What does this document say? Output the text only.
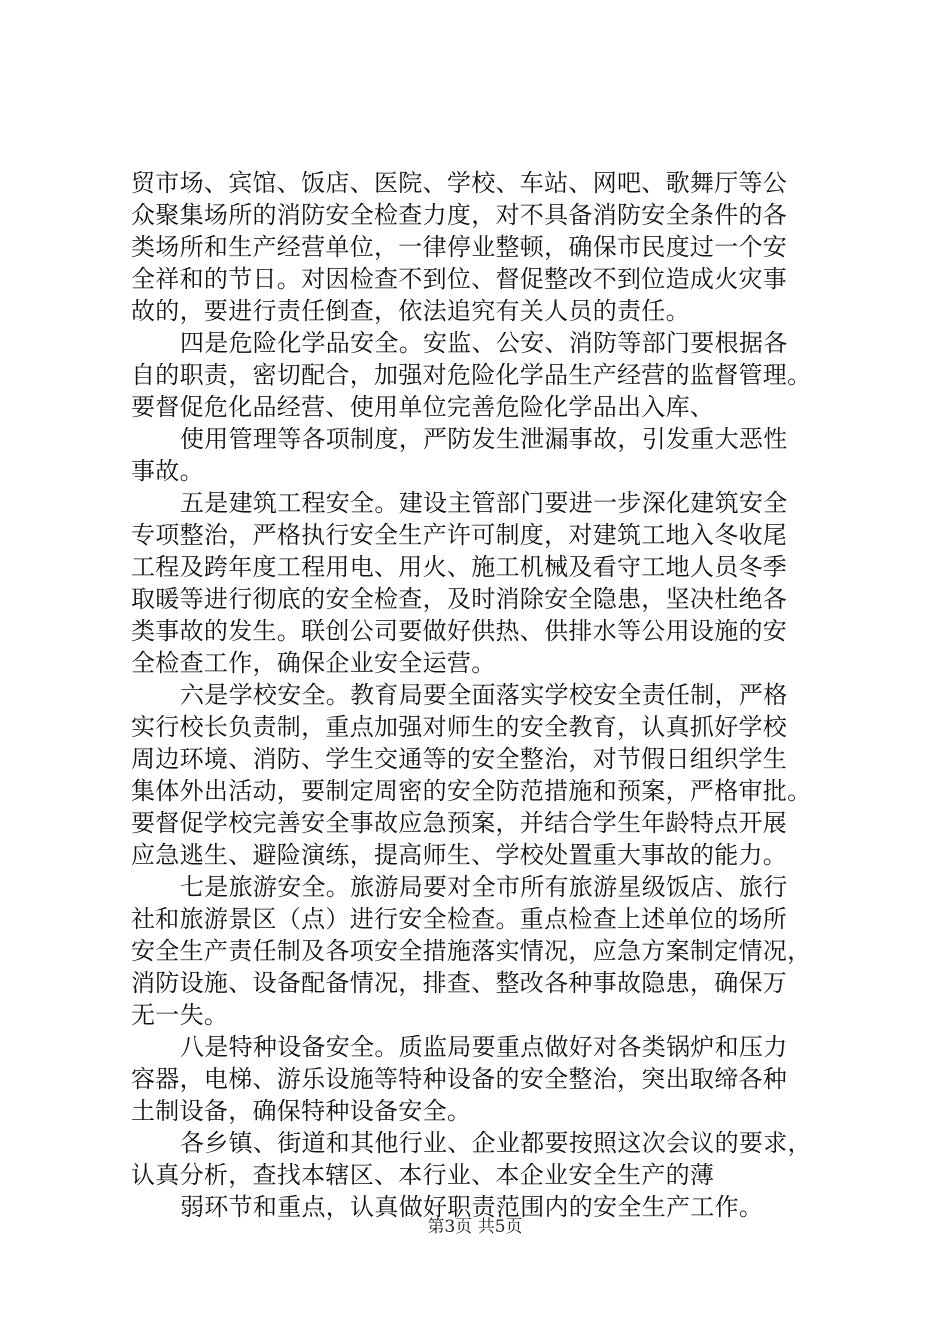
贸市场、宾馆、饭店、医院、学校、车站、网吧、歌舞厅等公
众聚集场所的消防安全检查力度，对不具备消防安全条件的各
类场所和生产经营单位，一律停业整顿，确保市民度过一个安
全祥和的节日。对因检查不到位、督促整改不到位造成火灾事
故的，要进行责任倒查，依法追究有关人员的责任。
四是危险化学品安全。安监、公安、消防等部门要根据各
自的职责，密切配合，加强对危险化学品生产经营的监督管理。
要督促危化品经营、使用单位完善危险化学品出入库、
使用管理等各项制度，严防发生泄漏事故，引发重大恶性
事故。
五是建筑工程安全。建设主管部门要进一步深化建筑安全
专项整治，严格执行安全生产许可制度，对建筑工地入冬收尾
工程及跨年度工程用电、用火、施工机械及看守工地人员冬季
取暖等进行彻底的安全检查，及时消除安全隐患，坚决杜绝各
类事故的发生。联创公司要做好供热、供排水等公用设施的安
全检查工作，确保企业安全运营。
六是学校安全。教育局要全面落实学校安全责任制，严格
实行校长负责制，重点加强对师生的安全教育，认真抓好学校
周边环境、消防、学生交通等的安全整治，对节假日组织学生
集体外出活动，要制定周密的安全防范措施和预案，严格审批。
要督促学校完善安全事故应急预案，并结合学生年龄特点开展
应急逃生、避险演练，提高师生、学校处置重大事故的能力。
七是旅游安全。旅游局要对全市所有旅游星级饭店、旅行
社和旅游景区（点）进行安全检查。重点检查上述单位的场所
安全生产责任制及各项安全措施落实情况，应急方案制定情况，
消防设施、设备配备情况，排查、整改各种事故隐患，确保万
无一失。
八是特种设备安全。质监局要重点做好对各类锅炉和压力
容器，电梯、游乐设施等特种设备的安全整治，突出取缔各种
土制设备，确保特种设备安全。
各乡镇、街道和其他行业、企业都要按照这次会议的要求，
认真分析，查找本辖区、本行业、本企业安全生产的薄
弱环节和重点，认真做好职责范围内的安全生产工作。
第3页 共5页
